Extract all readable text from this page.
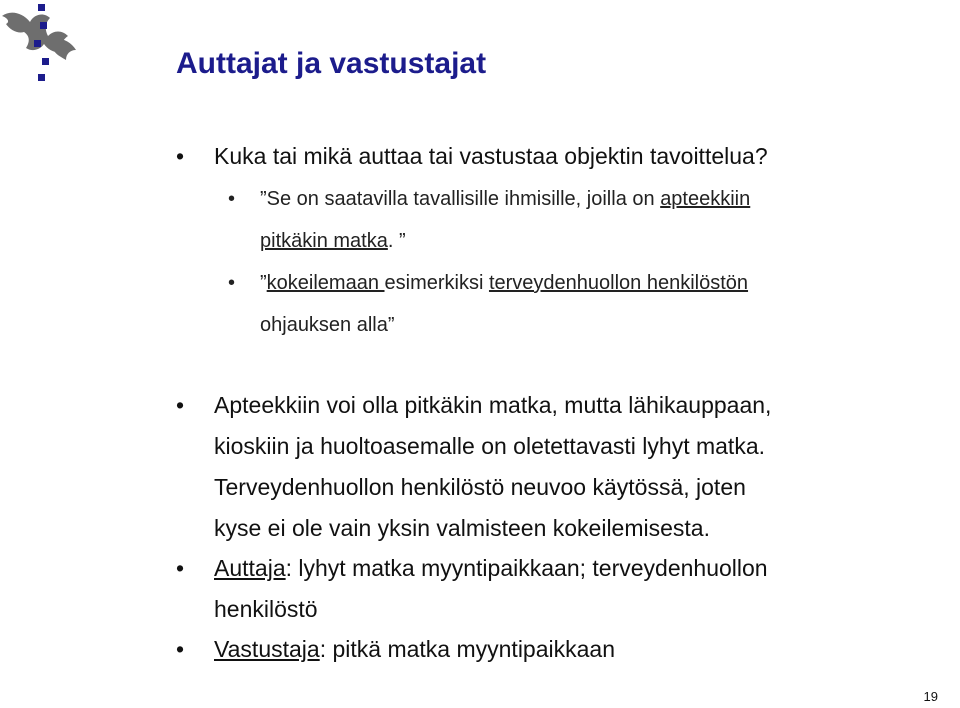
Auttajat ja vastustajat
• Kuka tai mikä auttaa tai vastustaa objektin tavoittelua?
• ”Se on saatavilla tavallisille ihmisille, joilla on apteekkiin
pitkäkin matka. ”
• ”kokeilemaan esimerkiksi terveydenhuollon henkilöstön
ohjauksen alla”
• Apteekkiin voi olla pitkäkin matka, mutta lähikauppaan,
kioskiin ja huoltoasemalle on oletettavasti lyhyt matka.
Terveydenhuollon henkilöstö neuvoo käytössä, joten
kyse ei ole vain yksin valmisteen kokeilemisesta.
• Auttaja: lyhyt matka myyntipaikkaan; terveydenhuollon
henkilöstö
• Vastustaja: pitkä matka myyntipaikkaan
19
